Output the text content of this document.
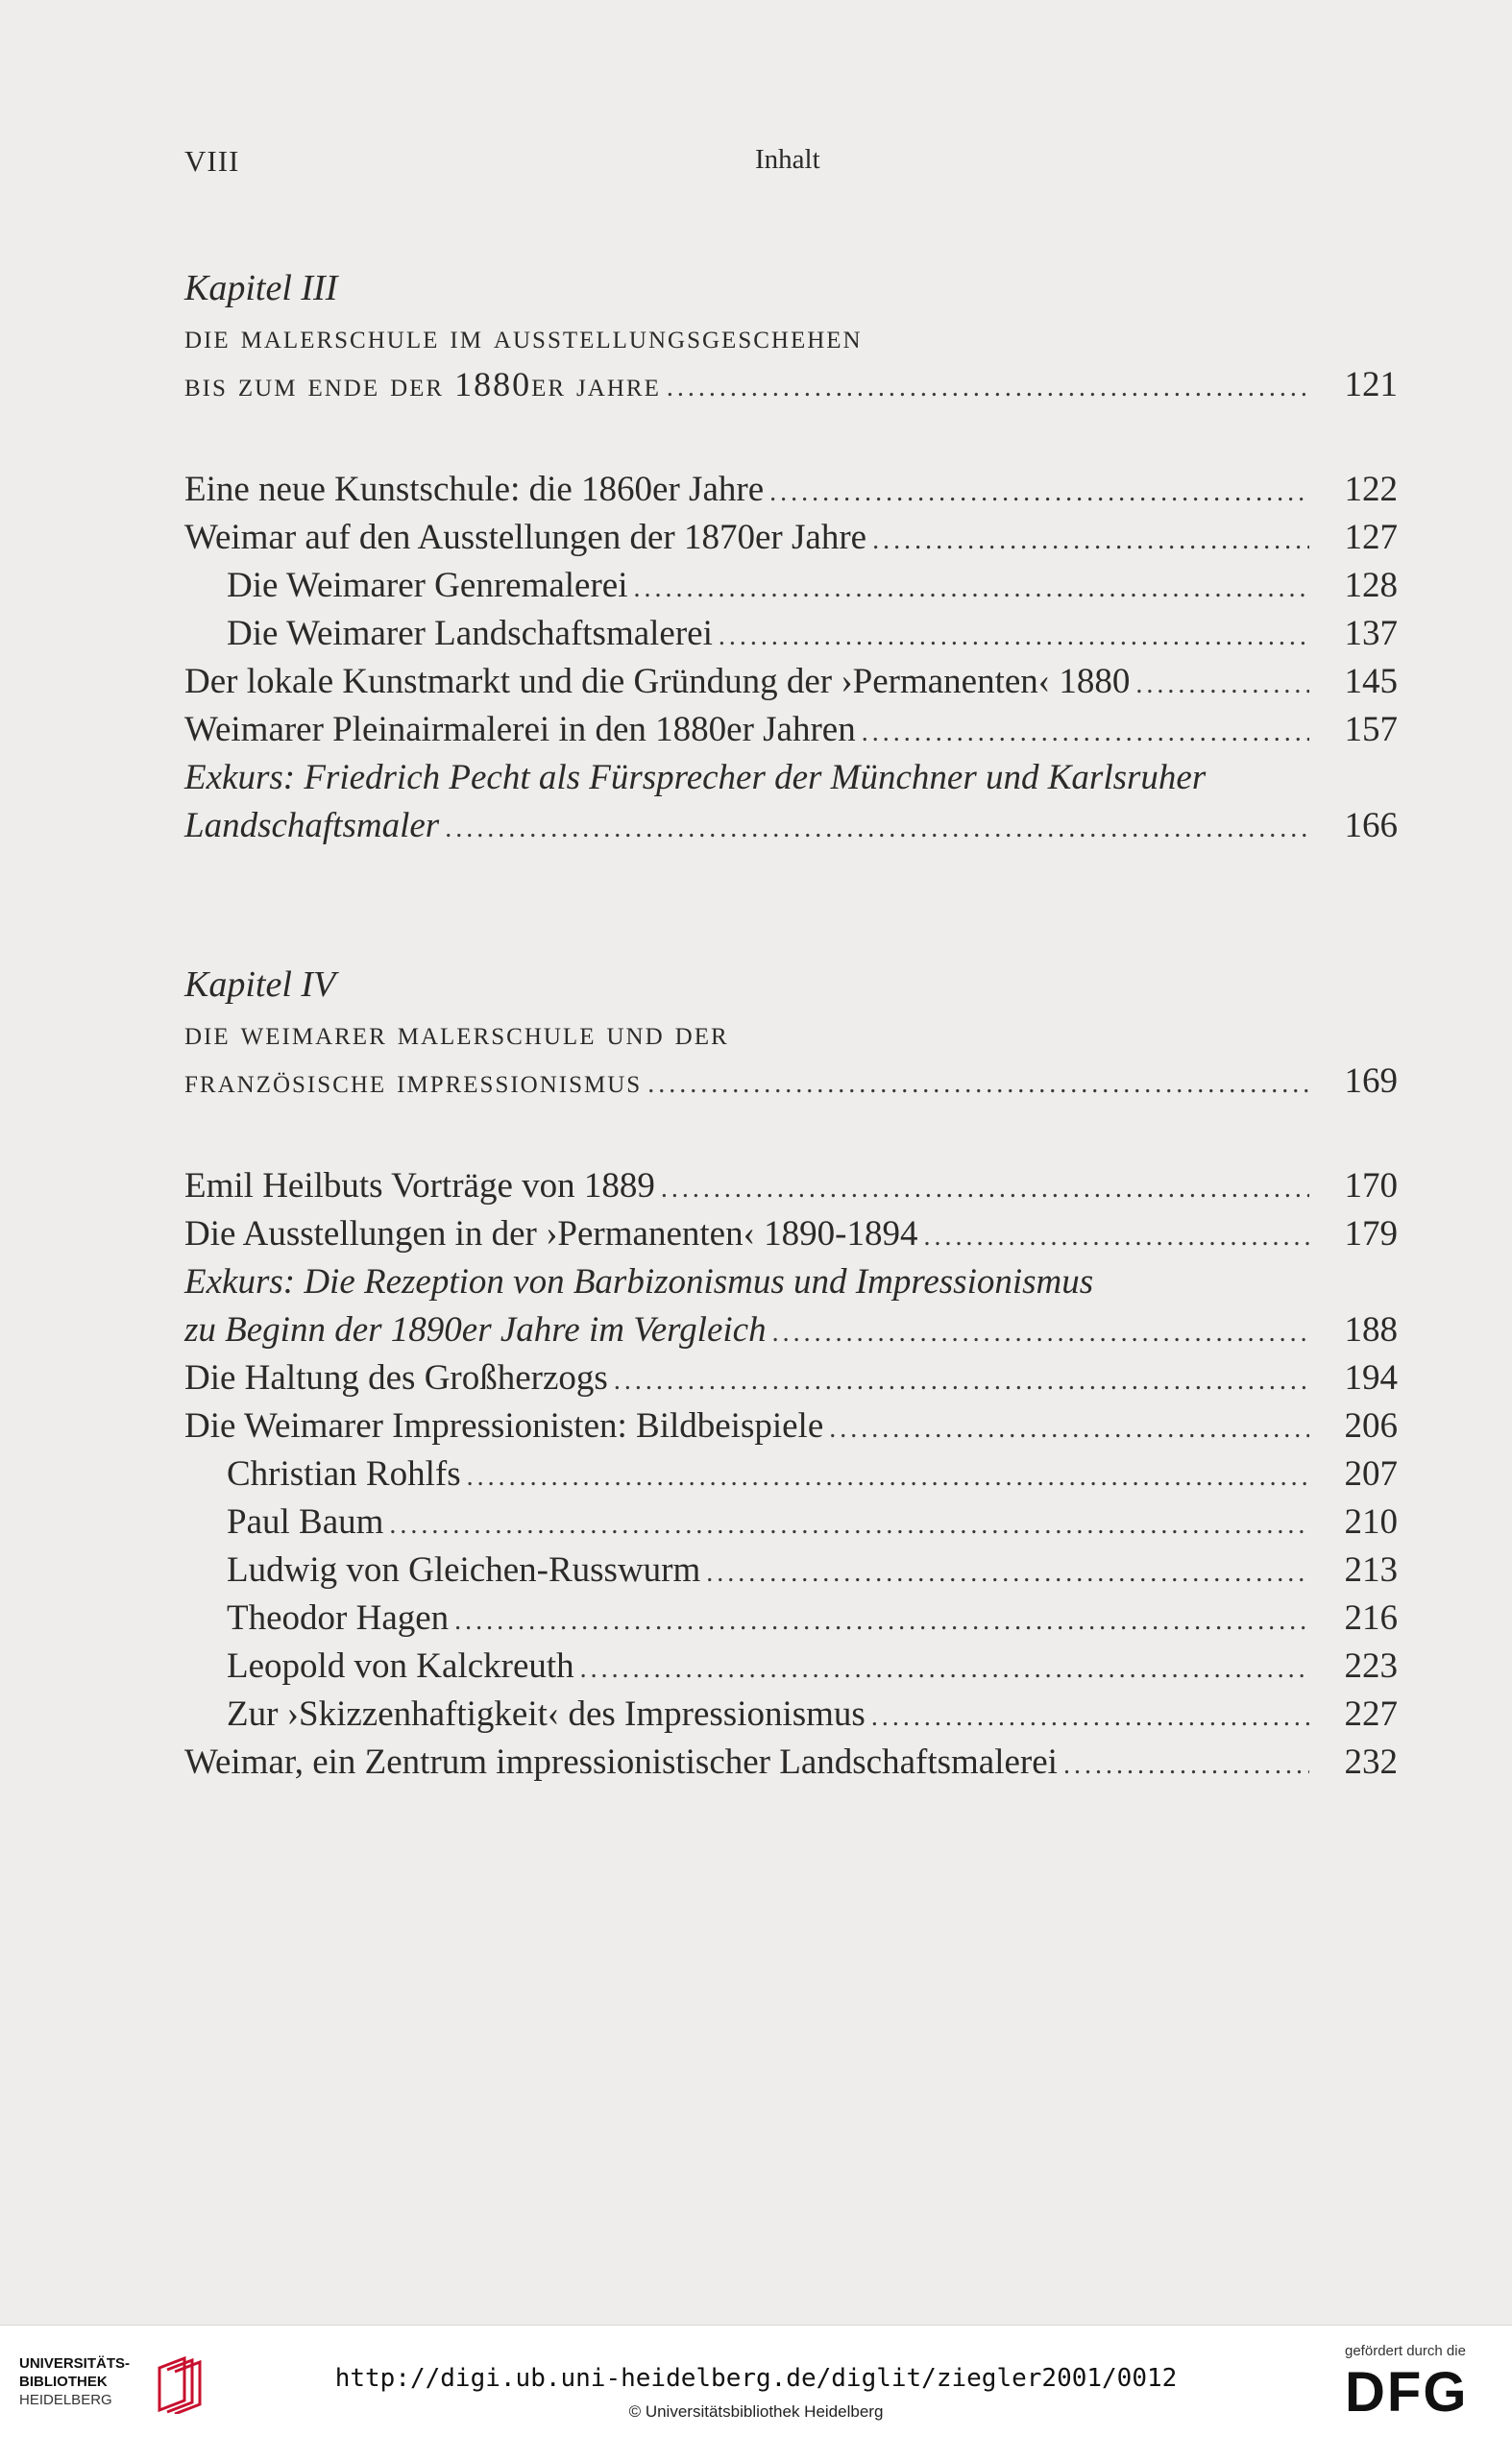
VIII	Inhalt
Kapitel III
die malerschule im ausstellungsgeschehen
bis zum ende der 1880er jahre .....	121
Eine neue Kunstschule: die 1860er Jahre .....	122
Weimar auf den Ausstellungen der 1870er Jahre .....	127
Die Weimarer Genremalerei .....	128
Die Weimarer Landschaftsmalerei .....	137
Der lokale Kunstmarkt und die Gründung der ›Permanenten‹ 1880 .....	145
Weimarer Pleinairmalerei in den 1880er Jahren .....	157
Exkurs: Friedrich Pecht als Fürsprecher der Münchner und Karlsruher
Landschaftsmaler .....	166
Kapitel IV
die weimarer malerschule und der
französische impressionismus .....	169
Emil Heilbuts Vorträge von 1889 .....	170
Die Ausstellungen in der ›Permanenten‹ 1890-1894 .....	179
Exkurs: Die Rezeption von Barbizonismus und Impressionismus
zu Beginn der 1890er Jahre im Vergleich .....	188
Die Haltung des Großherzogs .....	194
Die Weimarer Impressionisten: Bildbeispiele .....	206
Christian Rohlfs .....	207
Paul Baum .....	210
Ludwig von Gleichen-Russwurm .....	213
Theodor Hagen .....	216
Leopold von Kalckreuth .....	223
Zur ›Skizzenhaftigkeit‹ des Impressionismus .....	227
Weimar, ein Zentrum impressionistischer Landschaftsmalerei .....	232
UNIVERSITÄTS-
BIBLIOTHEK
HEIDELBERG
http://digi.ub.uni-heidelberg.de/diglit/ziegler2001/0012
© Universitätsbibliothek Heidelberg
gefördert durch die
DFG
